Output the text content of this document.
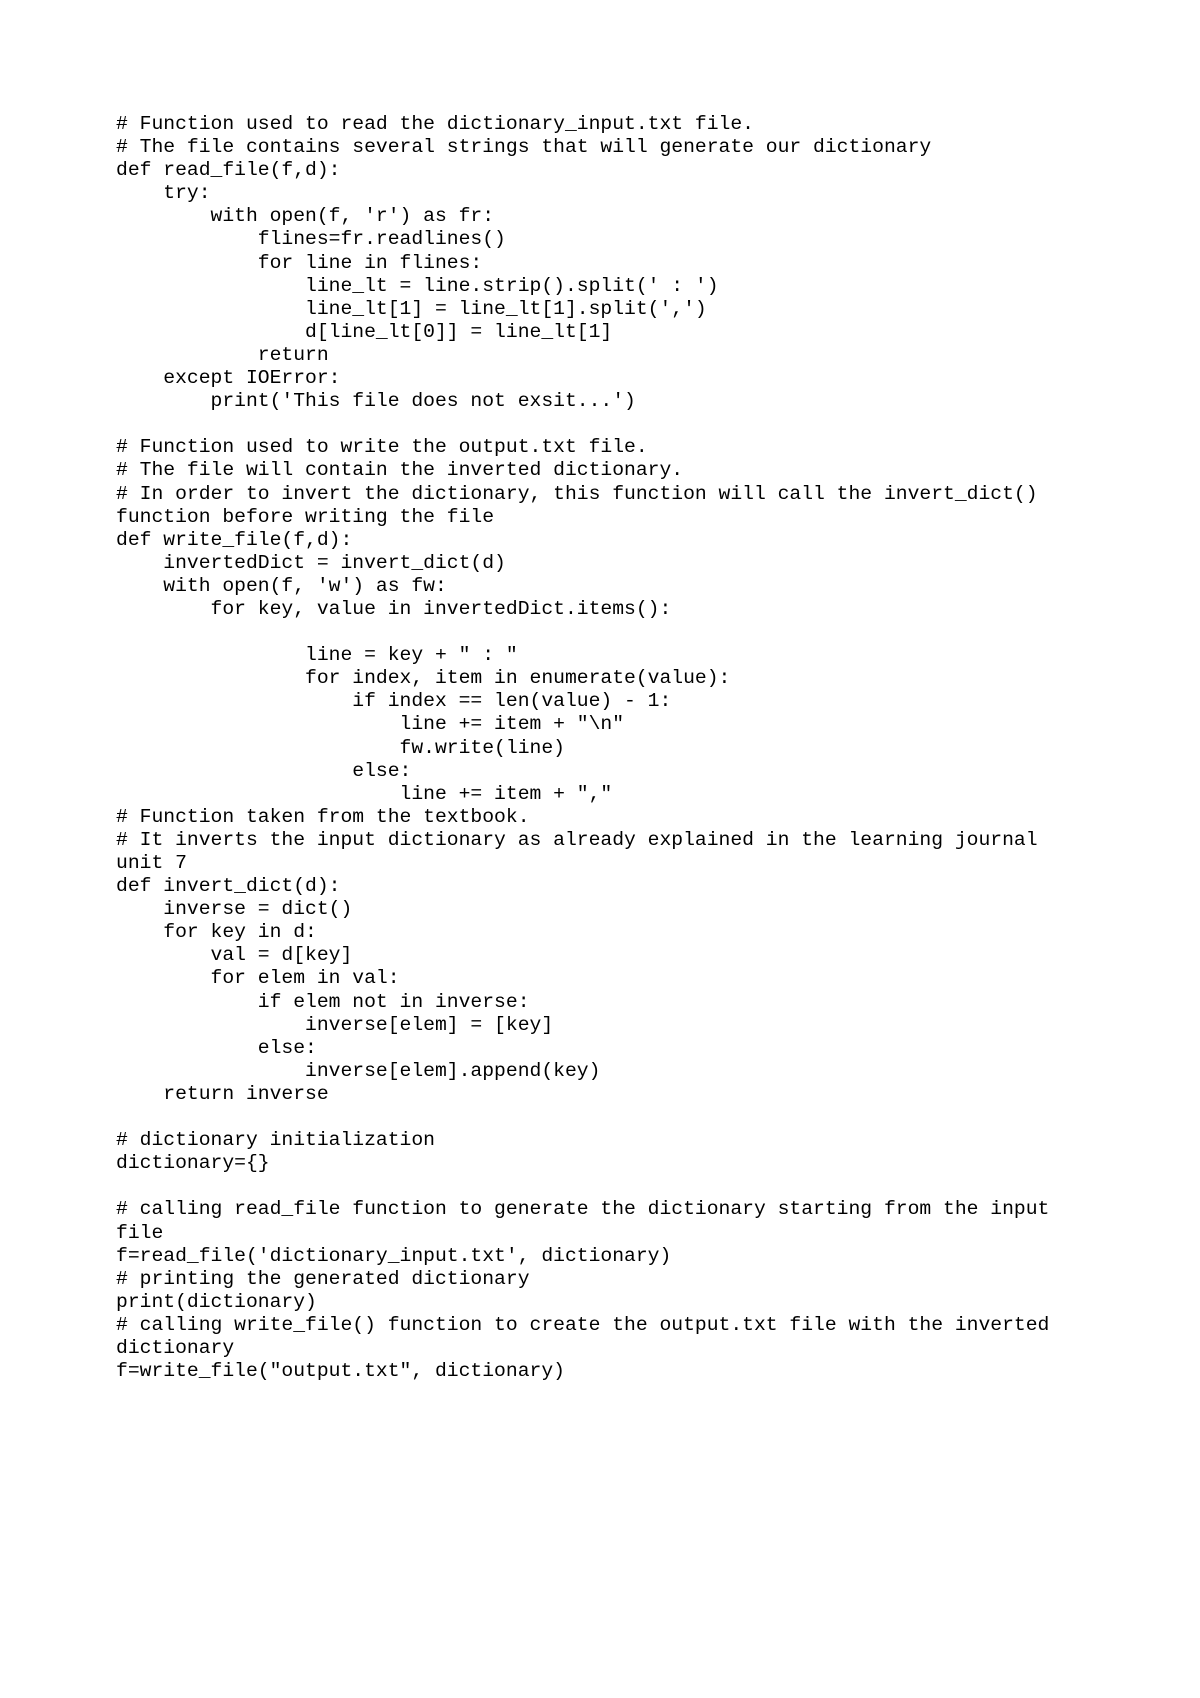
# Function used to read the dictionary_input.txt file.
# The file contains several strings that will generate our dictionary
def read_file(f,d):
try:
with open(f, 'r') as fr:
flines=fr.readlines()
for line in flines:
line_lt = line.strip().split(' : ')
line_lt[1] = line_lt[1].split(',')
d[line_lt[0]] = line_lt[1]
return
except IOError:
print('This file does not exsit...')
# Function used to write the output.txt file.
# The file will contain the inverted dictionary.
# In order to invert the dictionary, this function will call the invert_dict()
function before writing the file
def write_file(f,d):
invertedDict = invert_dict(d)
with open(f, 'w') as fw:
for key, value in invertedDict.items():
line = key + " : "
for index, item in enumerate(value):
if index == len(value) - 1:
line += item + "\n"
fw.write(line)
else:
line += item + ","
# Function taken from the textbook.
# It inverts the input dictionary as already explained in the learning journal
unit 7
def invert_dict(d):
inverse = dict()
for key in d:
val = d[key]
for elem in val:
if elem not in inverse:
inverse[elem] = [key]
else:
inverse[elem].append(key)
return inverse
# dictionary initialization
dictionary={}
# calling read_file function to generate the dictionary starting from the input
file
f=read_file('dictionary_input.txt', dictionary)
# printing the generated dictionary
print(dictionary)
# calling write_file() function to create the output.txt file with the inverted
dictionary
f=write_file("output.txt", dictionary)
